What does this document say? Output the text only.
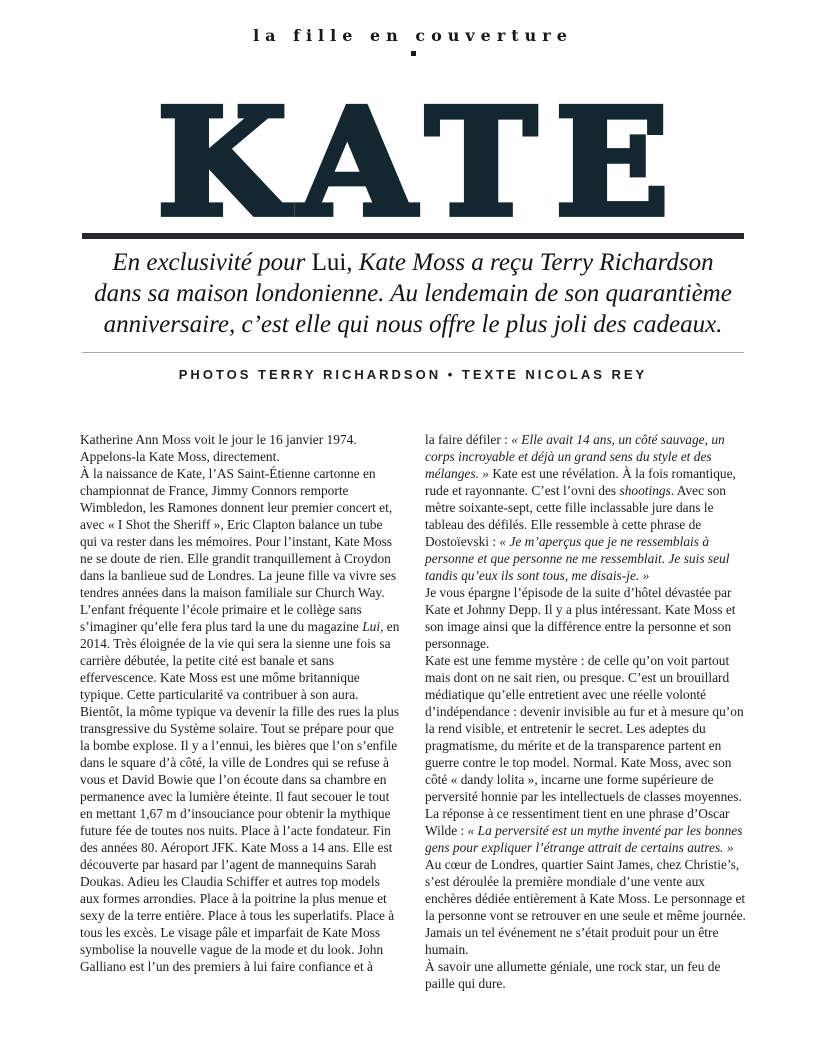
la fille en couverture
KATE
En exclusivité pour Lui, Kate Moss a reçu Terry Richardson
dans sa maison londonienne. Au lendemain de son quarantième
anniversaire, c’est elle qui nous offre le plus joli des cadeaux.
PHOTOS TERRY RICHARDSON • TEXTE NICOLAS REY

Katherine Ann Moss voit le jour le 16 janvier 1974.

Appelons-la Kate Moss, directement.

À la naissance de Kate, l’AS Saint-Étienne cartonne en championnat de France, Jimmy Connors remporte Wimbledon, les Ramones donnent leur premier concert et, avec « I Shot the Sheriff », Eric Clapton balance un tube qui va rester dans les mémoires. Pour l’instant, Kate Moss ne se doute de rien. Elle grandit tranquillement à Croydon dans la banlieue sud de Londres. La jeune fille va vivre ses tendres années dans la maison familiale sur Church Way. L’enfant fréquente l’école primaire et le collège sans s’imaginer qu’elle fera plus tard la une du magazine Lui, en 2014. Très éloignée de la vie qui sera la sienne une fois sa carrière débutée, la petite cité est banale et sans effervescence. Kate Moss est une môme britannique typique. Cette particularité va contribuer à son aura. Bientôt, la môme typique va devenir la fille des rues la plus transgressive du Système solaire. Tout se prépare pour que la bombe explose. Il y a l’ennui, les bières que l’on s’enfile dans le square d’à côté, la ville de Londres qui se refuse à vous et David Bowie que l’on écoute dans sa chambre en permanence avec la lumière éteinte. Il faut secouer le tout en mettant 1,67 m d’insouciance pour obtenir la mythique future fée de toutes nos nuits. Place à l’acte fondateur. Fin des années 80. Aéroport JFK. Kate Moss a 14 ans. Elle est découverte par hasard par l’agent de mannequins Sarah Doukas. Adieu les Claudia Schiffer et autres top models aux formes arrondies. Place à la poitrine la plus menue et sexy de la terre entière. Place à tous les superlatifs. Place à tous les excès. Le visage pâle et imparfait de Kate Moss symbolise la nouvelle vague de la mode et du look. John Galliano est l’un des premiers à lui faire confiance et à

la faire défiler : « Elle avait 14 ans, un côté sauvage, un corps incroyable et déjà un grand sens du style et des mélanges. » Kate est une révélation. À la fois romantique, rude et rayonnante. C’est l’ovni des shootings. Avec son mètre soixante-sept, cette fille inclassable jure dans le tableau des défilés. Elle ressemble à cette phrase de Dostoïevski : « Je m’aperçus que je ne ressemblais à personne et que personne ne me ressemblait. Je suis seul tandis qu’eux ils sont tous, me disais-je. »

Je vous épargne l’épisode de la suite d’hôtel dévastée par Kate et Johnny Depp. Il y a plus intéressant. Kate Moss et son image ainsi que la différence entre la personne et son personnage.

Kate est une femme mystère : de celle qu’on voit partout mais dont on ne sait rien, ou presque. C’est un brouillard médiatique qu’elle entretient avec une réelle volonté d’indépendance : devenir invisible au fur et à mesure qu’on la rend visible, et entretenir le secret. Les adeptes du pragmatisme, du mérite et de la transparence partent en guerre contre le top model. Normal. Kate Moss, avec son côté « dandy lolita », incarne une forme supérieure de perversité honnie par les intellectuels de classes moyennes. La réponse à ce ressentiment tient en une phrase d’Oscar Wilde : « La perversité est un mythe inventé par les bonnes gens pour expliquer l’étrange attrait de certains autres. »

Au cœur de Londres, quartier Saint James, chez Christie’s, s’est déroulée la première mondiale d’une vente aux enchères dédiée entièrement à Kate Moss. Le personnage et la personne vont se retrouver en une seule et même journée. Jamais un tel événement ne s’était produit pour un être humain.

À savoir une allumette géniale, une rock star, un feu de paille qui dure.
